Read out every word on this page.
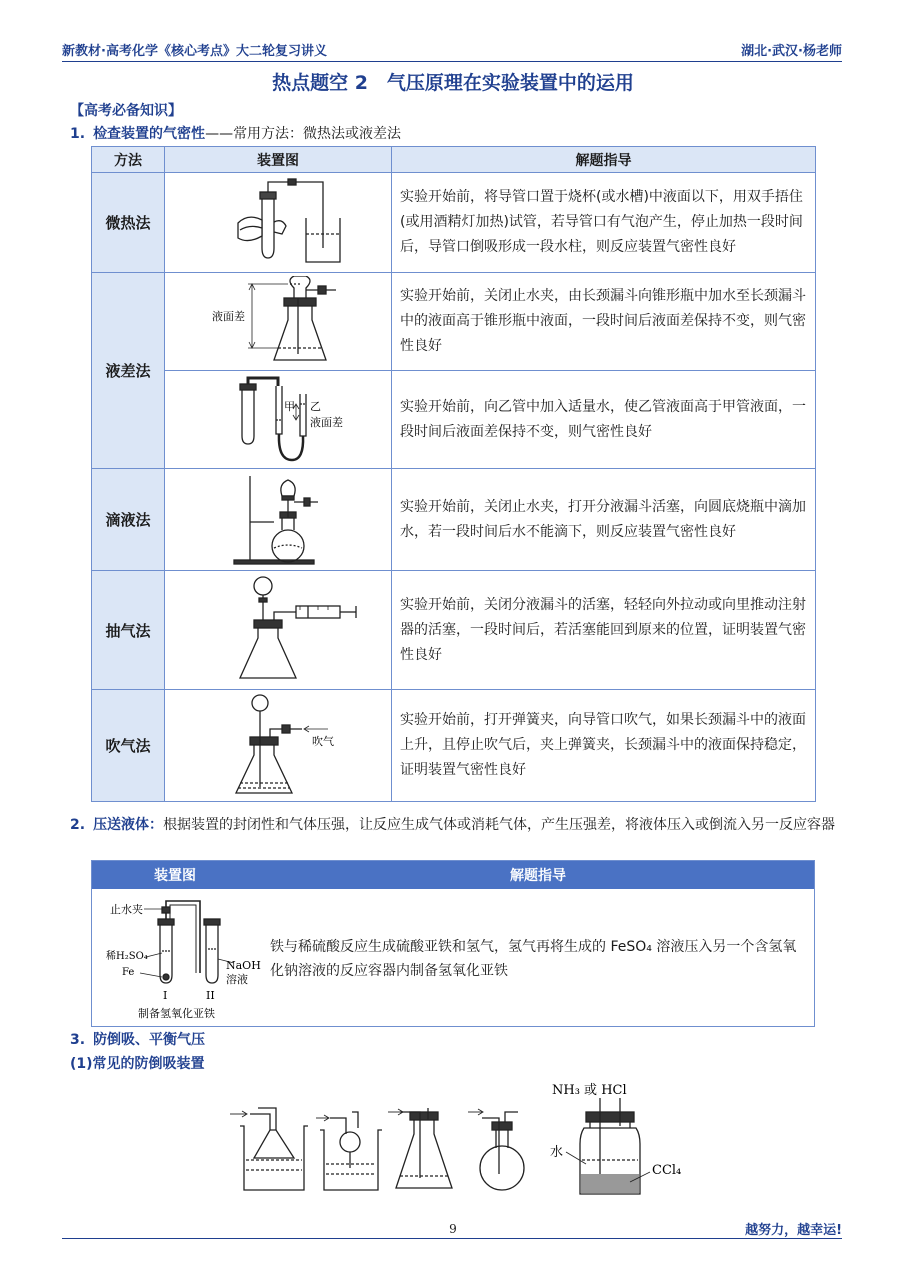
新教材·高考化学《核心考点》大二轮复习讲义	湖北·武汉·杨老师
热点题空 2　气压原理在实验装置中的运用
【高考必备知识】
1. 检查装置的气密性——常用方法：微热法或液差法
方法	装置图	解题指导
微热法		实验开始前，将导管口置于烧杯(或水槽)中液面以下，用双手捂住(或用酒精灯加热)试管，若导管口有气泡产生，停止加热一段时间后，导管口倒吸形成一段水柱，则反应装置气密性良好
液差法	液面差	实验开始前，关闭止水夹，由长颈漏斗向锥形瓶中加水至长颈漏斗中的液面高于锥形瓶中液面，一段时间后液面差保持不变，则气密性良好

甲 乙
液面差	实验开始前，向乙管中加入适量水，使乙管液面高于甲管液面，一段时间后液面差保持不变，则气密性良好
滴液法		实验开始前，关闭止水夹，打开分液漏斗活塞，向圆底烧瓶中滴加水，若一段时间后水不能滴下，则反应装置气密性良好
抽气法		实验开始前，关闭分液漏斗的活塞，轻轻向外拉动或向里推动注射器的活塞，一段时间后，若活塞能回到原来的位置，证明装置气密性良好
吹气法	吹气	实验开始前，打开弹簧夹，向导管口吹气，如果长颈漏斗中的液面上升，且停止吹气后，夹上弹簧夹，长颈漏斗中的液面保持稳定，证明装置气密性良好
2. 压送液体：根据装置的封闭性和气体压强，让反应生成气体或消耗气体，产生压强差，将液体压入或倒流入另一反应容器
装置图	解题指导
止水夹
稀H₂SO₄
Fe
NaOH
溶液
I	II
制备氢氧化亚铁
铁与稀硫酸反应生成硫酸亚铁和氢气，氢气再将生成的 FeSO₄ 溶液压入另一个含氢氧化钠溶液的反应容器内制备氢氧化亚铁
3. 防倒吸、平衡气压
(1)常见的防倒吸装置
NH₃ 或 HCl
水
CCl₄
9	越努力，越幸运!
